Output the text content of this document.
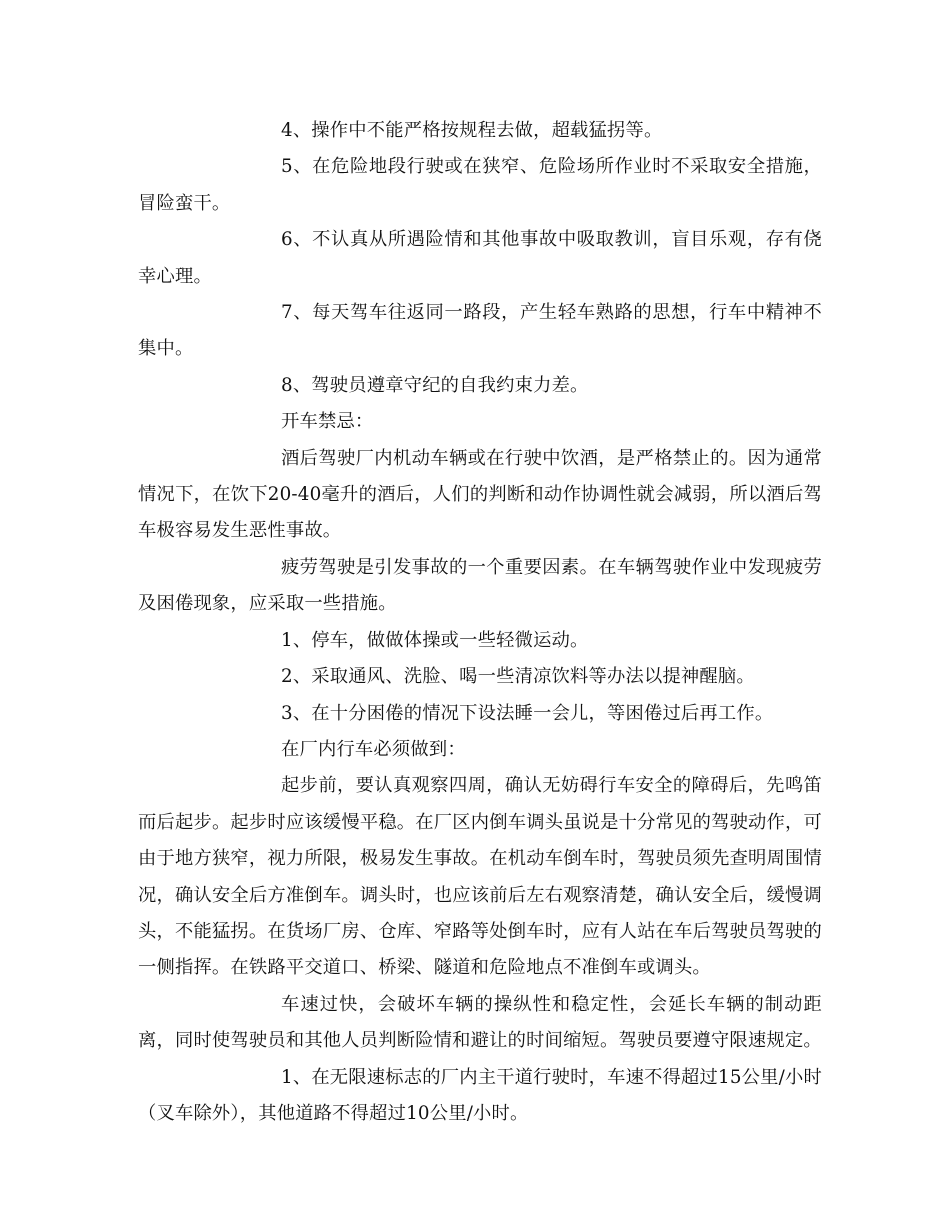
4、操作中不能严格按规程去做，超载猛拐等。

5、在危险地段行驶或在狭窄、危险场所作业时不采取安全措施，冒险蛮干。

6、不认真从所遇险情和其他事故中吸取教训，盲目乐观，存有侥幸心理。

7、每天驾车往返同一路段，产生轻车熟路的思想，行车中精神不集中。

8、驾驶员遵章守纪的自我约束力差。

开车禁忌：

酒后驾驶厂内机动车辆或在行驶中饮酒，是严格禁止的。因为通常情况下，在饮下20-40毫升的酒后，人们的判断和动作协调性就会减弱，所以酒后驾车极容易发生恶性事故。

疲劳驾驶是引发事故的一个重要因素。在车辆驾驶作业中发现疲劳及困倦现象，应采取一些措施。

1、停车，做做体操或一些轻微运动。

2、采取通风、洗脸、喝一些清凉饮料等办法以提神醒脑。

3、在十分困倦的情况下设法睡一会儿，等困倦过后再工作。

在厂内行车必须做到：

起步前，要认真观察四周，确认无妨碍行车安全的障碍后，先鸣笛而后起步。起步时应该缓慢平稳。在厂区内倒车调头虽说是十分常见的驾驶动作，可由于地方狭窄，视力所限，极易发生事故。在机动车倒车时，驾驶员须先查明周围情况，确认安全后方准倒车。调头时，也应该前后左右观察清楚，确认安全后，缓慢调头，不能猛拐。在货场厂房、仓库、窄路等处倒车时，应有人站在车后驾驶员驾驶的一侧指挥。在铁路平交道口、桥梁、隧道和危险地点不准倒车或调头。

车速过快，会破坏车辆的操纵性和稳定性，会延长车辆的制动距离，同时使驾驶员和其他人员判断险情和避让的时间缩短。驾驶员要遵守限速规定。

1、在无限速标志的厂内主干道行驶时，车速不得超过15公里/小时（叉车除外），其他道路不得超过10公里/小时。
